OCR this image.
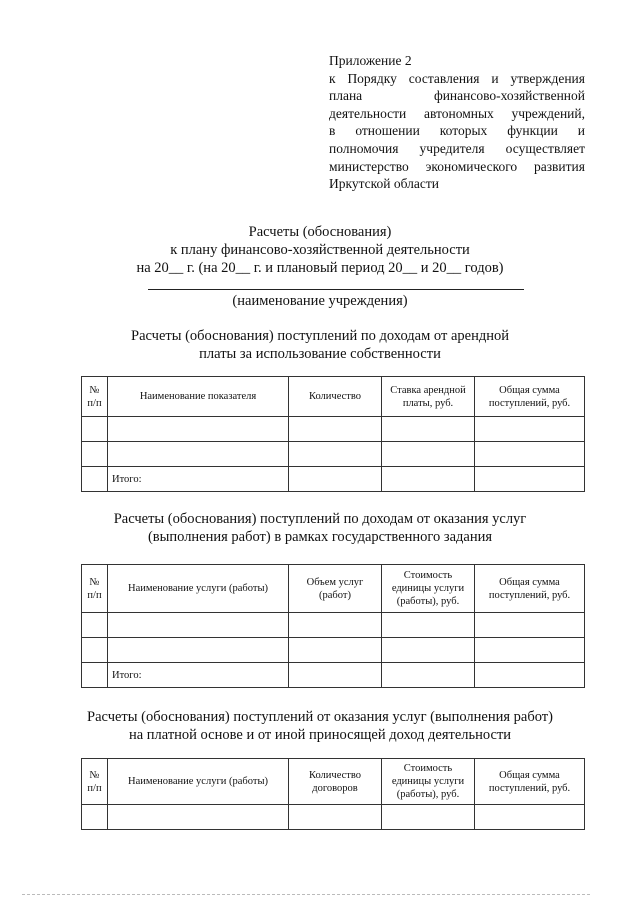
Приложение 2
к Порядку составления и утверждения
плана финансово-хозяйственной
деятельности автономных учреждений,
в отношении которых функции и
полномочия учредителя осуществляет
министерство экономического развития
Иркутской области
Расчеты (обоснования)
к плану финансово-хозяйственной деятельности
на 20__ г. (на 20__ г. и плановый период 20__ и 20__ годов)
(наименование учреждения)
Расчеты (обоснования) поступлений по доходам от арендной
платы за использование собственности
№ п/п	Наименование показателя	Количество	Ставка арендной платы, руб.	Общая сумма поступлений, руб.

	Итого:			
Расчеты (обоснования) поступлений по доходам от оказания услуг
(выполнения работ) в рамках государственного задания
№ п/п	Наименование услуги (работы)	Объем услуг (работ)	Стоимость единицы услуги (работы), руб.	Общая сумма поступлений, руб.

	Итого:			
Расчеты (обоснования) поступлений от оказания услуг (выполнения работ)
на платной основе и от иной приносящей доход деятельности
№ п/п	Наименование услуги (работы)	Количество договоров	Стоимость единицы услуги (работы), руб.	Общая сумма поступлений, руб.
